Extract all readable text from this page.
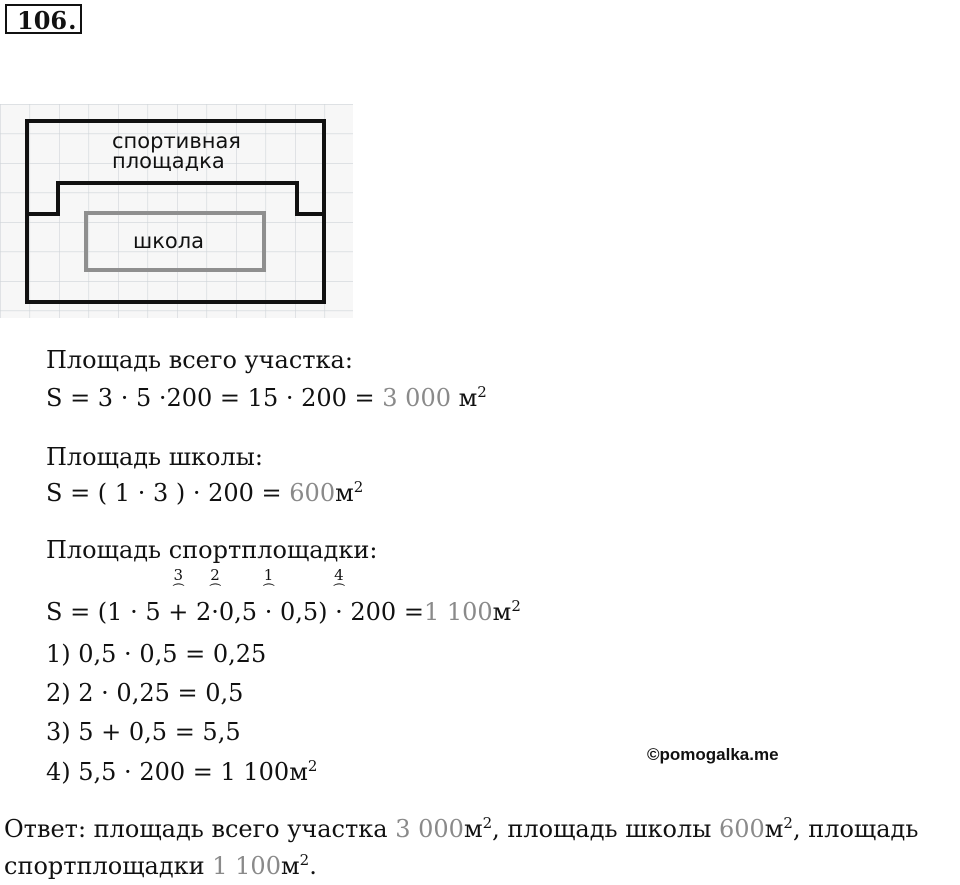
106.
спортивная
площадка
школа
Площадь всего участка:
S = 3 · 5 ·200 = 15 · 200 = 3 000 $м^2$
Площадь школы:
S = ( 1 · 3 ) · $200 = 600м^2$
Площадь спортплощадки:
S = (1 · 5
3
⏜
+ 2
2
⏜
·0,5
1
⏜
· 0,5)
4
⏜
· 200 =1 $100м^2$
1) 0,5 · 0,5 = 0,25
2) 2 · 0,25 = 0,5
3) 5 + 0,5 = 5,5
4) 5,5 · 200 = 1 $100м^2$
©pomogalka.me
Ответ: площадь всего участка 3 $000м^2$, площадь школы $600м^2$, площадь
спортплощадки 1 $100м^2$.
